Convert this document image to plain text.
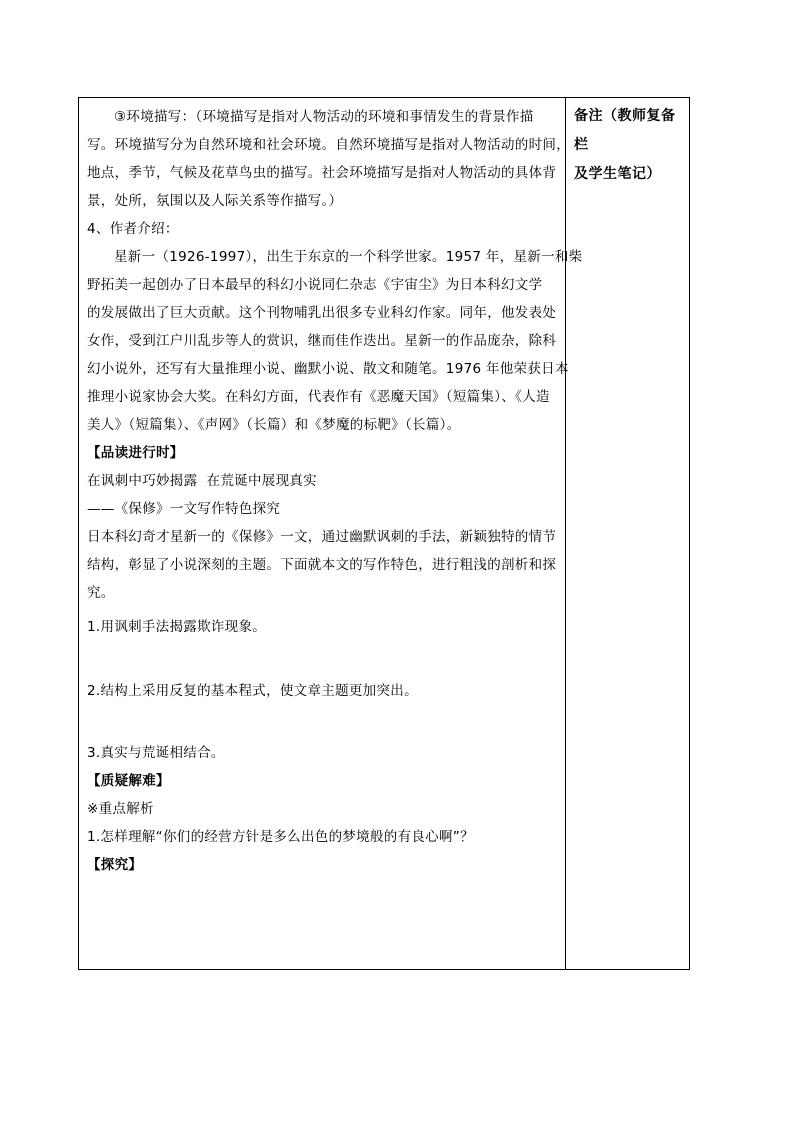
③环境描写：（环境描写是指对人物活动的环境和事情发生的背景作描
写。环境描写分为自然环境和社会环境。自然环境描写是指对人物活动的时间，
地点，季节，气候及花草鸟虫的描写。社会环境描写是指对人物活动的具体背
景，处所，氛围以及人际关系等作描写。）
4、作者介绍：
星新一（1926-1997），出生于东京的一个科学世家。1957 年，星新一和柴
野拓美一起创办了日本最早的科幻小说同仁杂志《宇宙尘》为日本科幻文学
的发展做出了巨大贡献。这个刊物哺乳出很多专业科幻作家。同年，他发表处
女作，受到江户川乱步等人的赏识，继而佳作迭出。星新一的作品庞杂，除科
幻小说外，还写有大量推理小说、幽默小说、散文和随笔。1976 年他荣获日本
推理小说家协会大奖。在科幻方面，代表作有《恶魔天国》（短篇集）、《人造
美人》（短篇集）、《声网》（长篇）和《梦魔的标靶》（长篇）。
【品读进行时】
在讽刺中巧妙揭露  在荒诞中展现真实
——《保修》一文写作特色探究
日本科幻奇才星新一的《保修》一文，通过幽默讽刺的手法，新颖独特的情节
结构，彰显了小说深刻的主题。下面就本文的写作特色，进行粗浅的剖析和探
究。
1.用讽刺手法揭露欺诈现象。
2.结构上采用反复的基本程式，使文章主题更加突出。
3.真实与荒诞相结合。
【质疑解难】
※重点解析
1.怎样理解“你们的经营方针是多么出色的梦境般的有良心啊”？
【探究】
备注（教师复备栏
及学生笔记）
